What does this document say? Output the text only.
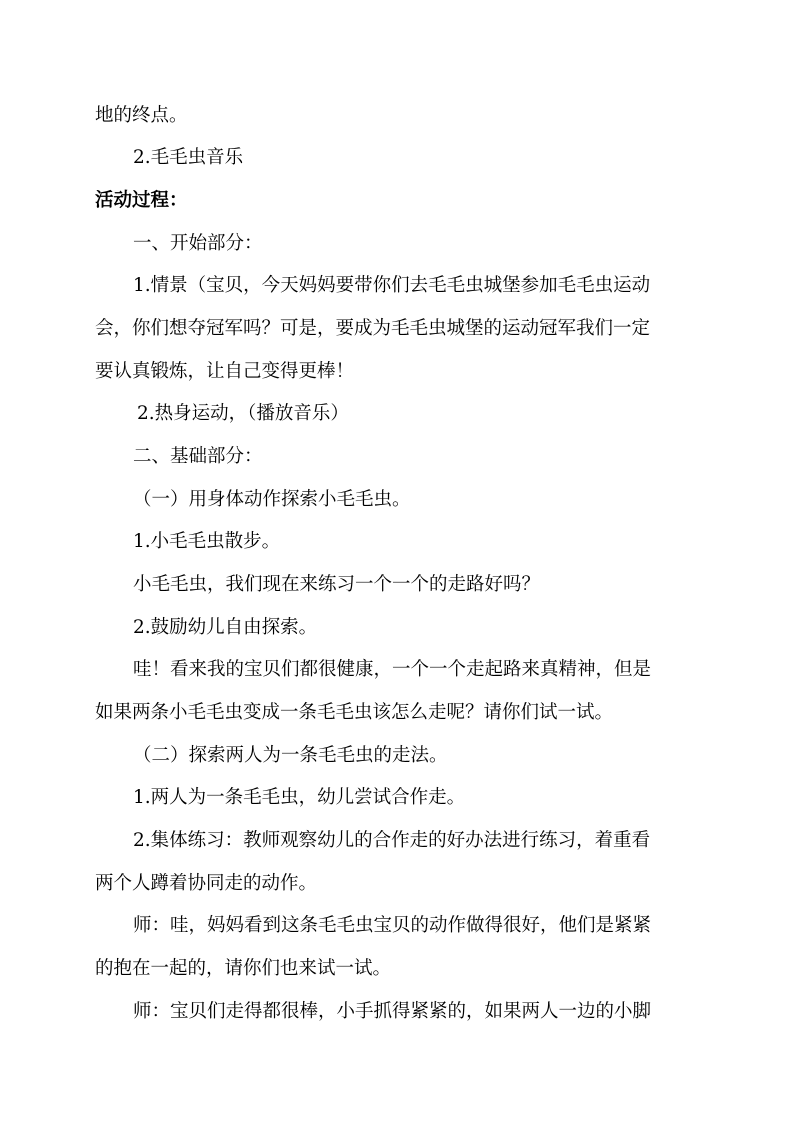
地的终点。
2.毛毛虫音乐
活动过程：
一、开始部分：
1.情景（宝贝，今天妈妈要带你们去毛毛虫城堡参加毛毛虫运动
会，你们想夺冠军吗？可是，要成为毛毛虫城堡的运动冠军我们一定
要认真锻炼，让自己变得更棒！
2.热身运动，（播放音乐）
二、基础部分：
（一）用身体动作探索小毛毛虫。
1.小毛毛虫散步。
小毛毛虫，我们现在来练习一个一个的走路好吗？
2.鼓励幼儿自由探索。
哇！看来我的宝贝们都很健康，一个一个走起路来真精神，但是
如果两条小毛毛虫变成一条毛毛虫该怎么走呢？请你们试一试。
（二）探索两人为一条毛毛虫的走法。
1.两人为一条毛毛虫，幼儿尝试合作走。
2.集体练习：教师观察幼儿的合作走的好办法进行练习，着重看
两个人蹲着协同走的动作。
师：哇，妈妈看到这条毛毛虫宝贝的动作做得很好，他们是紧紧
的抱在一起的，请你们也来试一试。
师：宝贝们走得都很棒，小手抓得紧紧的，如果两人一边的小脚
